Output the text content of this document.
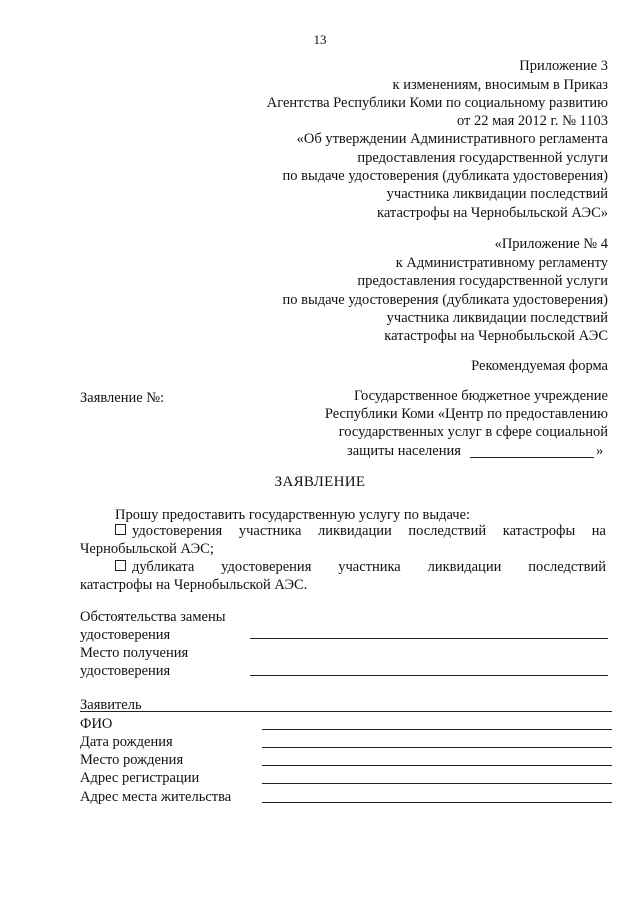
13
Приложение 3
к изменениям, вносимым в Приказ
Агентства Республики Коми по социальному развитию
от 22 мая 2012 г. № 1103
«Об утверждении Административного регламента
предоставления государственной услуги
по выдаче удостоверения (дубликата удостоверения)
участника ликвидации последствий
катастрофы на Чернобыльской АЭС»
«Приложение № 4
к Административному регламенту
предоставления государственной услуги
по выдаче удостоверения (дубликата удостоверения)
участника ликвидации последствий
катастрофы на Чернобыльской АЭС
Рекомендуемая форма
Заявление №:	Государственное бюджетное учреждение
Республики Коми «Центр по предоставлению
государственных услуг в сфере социальной
защиты населения	»
ЗАЯВЛЕНИЕ
Прошу предоставить государственную услугу по выдаче:
удостоверения участника ликвидации последствий катастрофы на
Чернобыльской АЭС;
дубликата удостоверения участника ликвидации последствий
катастрофы на Чернобыльской АЭС.
Обстоятельства замены
удостоверения
Место получения
удостоверения
Заявитель
ФИО
Дата рождения
Место рождения
Адрес регистрации
Адрес места жительства
